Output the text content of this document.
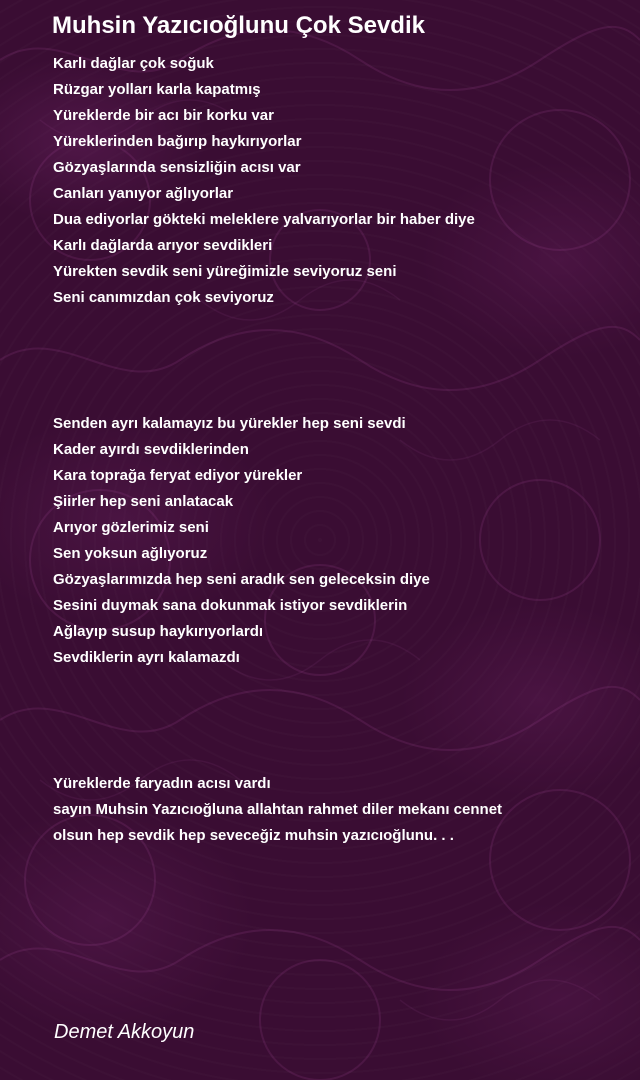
Muhsin Yazıcıoğlunu Çok Sevdik
Karlı dağlar çok soğuk
Rüzgar yolları karla kapatmış
Yüreklerde bir acı bir korku var
Yüreklerinden bağırıp haykırıyorlar
Gözyaşlarında sensizliğin acısı var
Canları yanıyor ağlıyorlar
Dua ediyorlar gökteki meleklere yalvarıyorlar bir haber diye
Karlı dağlarda arıyor sevdikleri
Yürekten sevdik seni yüreğimizle seviyoruz seni
Seni canımızdan çok seviyoruz
Senden ayrı kalamayız bu yürekler hep seni sevdi
Kader ayırdı sevdiklerinden
Kara toprağa feryat ediyor yürekler
Şiirler hep seni anlatacak
Arıyor gözlerimiz seni
Sen yoksun ağlıyoruz
Gözyaşlarımızda hep seni aradık sen geleceksin diye
Sesini duymak sana dokunmak istiyor sevdiklerin
Ağlayıp susup haykırıyorlardı
Sevdiklerin ayrı kalamazdı
Yüreklerde faryadın acısı vardı
sayın Muhsin Yazıcıoğluna allahtan rahmet diler mekanı cennet
olsun hep sevdik hep seveceğiz muhsin yazıcıoğlunu. . .

Demet Akkoyun
